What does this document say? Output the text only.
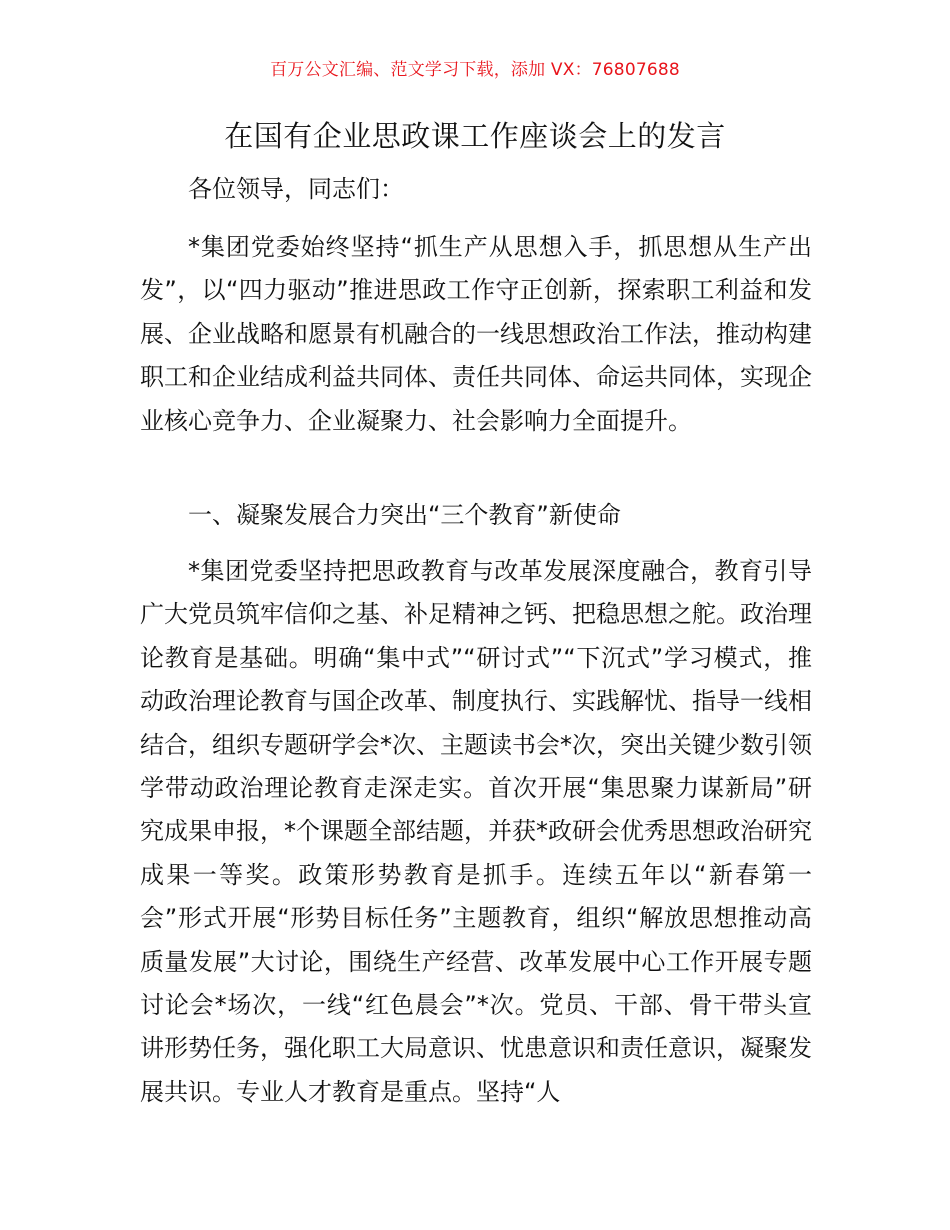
百万公文汇编、范文学习下载，添加 VX：76807688
在国有企业思政课工作座谈会上的发言
各位领导，同志们：
*集团党委始终坚持“抓生产从思想入手，抓思想从生产出发”，以“四力驱动”推进思政工作守正创新，探索职工利益和发展、企业战略和愿景有机融合的一线思想政治工作法，推动构建职工和企业结成利益共同体、责任共同体、命运共同体，实现企业核心竞争力、企业凝聚力、社会影响力全面提升。
一、凝聚发展合力突出“三个教育”新使命
*集团党委坚持把思政教育与改革发展深度融合，教育引导广大党员筑牢信仰之基、补足精神之钙、把稳思想之舵。政治理论教育是基础。明确“集中式”“研讨式”“下沉式”学习模式，推动政治理论教育与国企改革、制度执行、实践解忧、指导一线相结合，组织专题研学会*次、主题读书会*次，突出关键少数引领学带动政治理论教育走深走实。首次开展“集思聚力谋新局”研究成果申报，*个课题全部结题，并获*政研会优秀思想政治研究成果一等奖。政策形势教育是抓手。连续五年以“新春第一会”形式开展“形势目标任务”主题教育，组织“解放思想推动高质量发展”大讨论，围绕生产经营、改革发展中心工作开展专题讨论会*场次，一线“红色晨会”*次。党员、干部、骨干带头宣讲形势任务，强化职工大局意识、忧患意识和责任意识，凝聚发展共识。专业人才教育是重点。坚持“人
